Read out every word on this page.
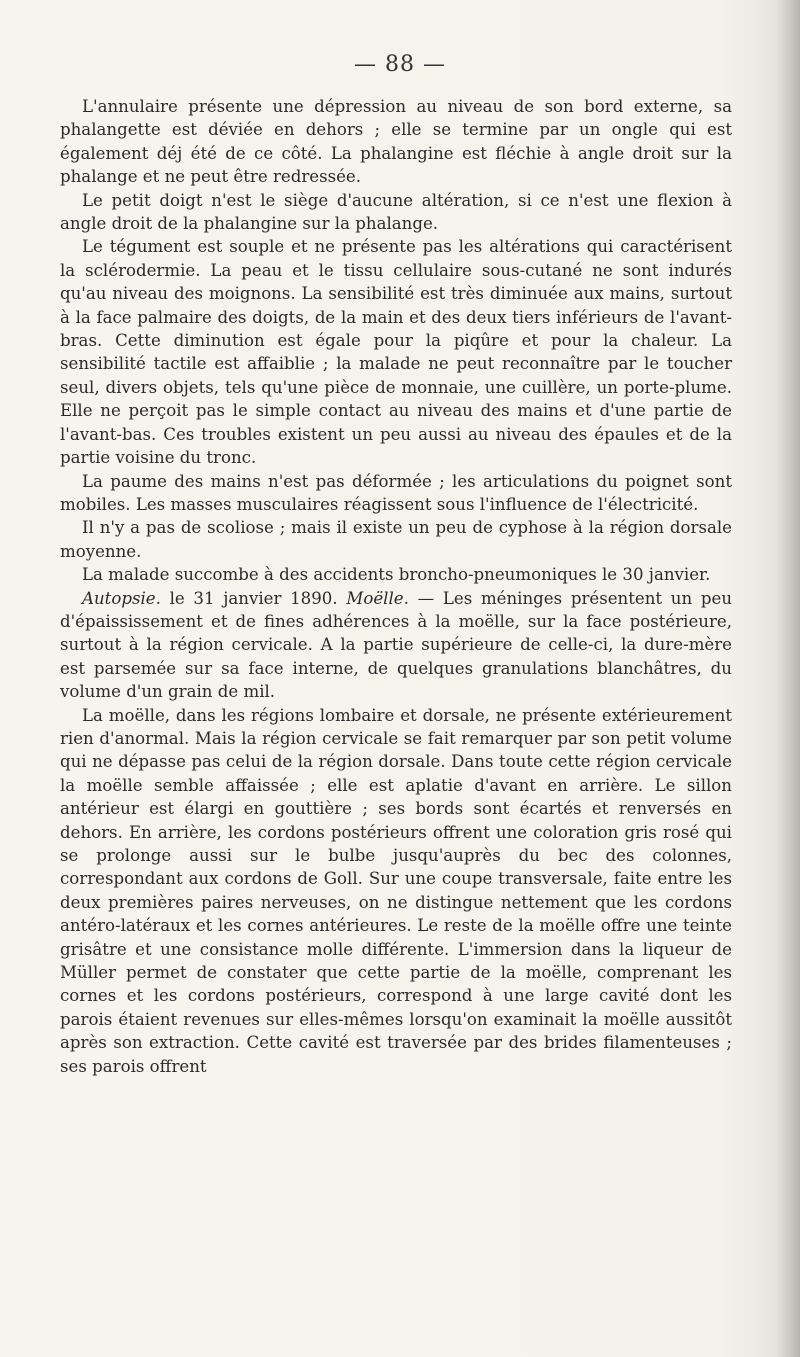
— 88 —

L'annulaire présente une dépression au niveau de son bord externe, sa phalangette est déviée en dehors ; elle se termine par un ongle qui est également déj été de ce côté. La phalangine est fléchie à angle droit sur la phalange et ne peut être redressée.

Le petit doigt n'est le siège d'aucune altération, si ce n'est une flexion à angle droit de la phalangine sur la phalange.

Le tégument est souple et ne présente pas les altérations qui caractérisent la sclérodermie. La peau et le tissu cellulaire sous-cutané ne sont indurés qu'au niveau des moignons. La sensibilité est très diminuée aux mains, surtout à la face palmaire des doigts, de la main et des deux tiers inférieurs de l'avant-bras. Cette diminution est égale pour la piqûre et pour la chaleur. La sensibilité tactile est affaiblie ; la malade ne peut reconnaître par le toucher seul, divers objets, tels qu'une pièce de monnaie, une cuillère, un porte-plume. Elle ne perçoit pas le simple contact au niveau des mains et d'une partie de l'avant-bas. Ces troubles existent un peu aussi au niveau des épaules et de la partie voisine du tronc.

La paume des mains n'est pas déformée ; les articulations du poignet sont mobiles. Les masses musculaires réagissent sous l'influence de l'électricité.

Il n'y a pas de scoliose ; mais il existe un peu de cyphose à la région dorsale moyenne.

La malade succombe à des accidents broncho-pneumoniques le 30 janvier.

Autopsie. le 31 janvier 1890. Moëlle. — Les méninges présentent un peu d'épaississement et de fines adhérences à la moëlle, sur la face postérieure, surtout à la région cervicale. A la partie supérieure de celle-ci, la dure-mère est parsemée sur sa face interne, de quelques granulations blanchâtres, du volume d'un grain de mil.

La moëlle, dans les régions lombaire et dorsale, ne présente extérieurement rien d'anormal. Mais la région cervicale se fait remarquer par son petit volume qui ne dépasse pas celui de la région dorsale. Dans toute cette région cervicale la moëlle semble affaissée ; elle est aplatie d'avant en arrière. Le sillon antérieur est élargi en gouttière ; ses bords sont écartés et renversés en dehors. En arrière, les cordons postérieurs offrent une coloration gris rosé qui se prolonge aussi sur le bulbe jusqu'auprès du bec des colonnes, correspondant aux cordons de Goll. Sur une coupe transversale, faite entre les deux premières paires nerveuses, on ne distingue nettement que les cordons antéro-latéraux et les cornes antérieures. Le reste de la moëlle offre une teinte grisâtre et une consistance molle différente. L'immersion dans la liqueur de Müller permet de constater que cette partie de la moëlle, comprenant les cornes et les cordons postérieurs, correspond à une large cavité dont les parois étaient revenues sur elles-mêmes lorsqu'on examinait la moëlle aussitôt après son extraction. Cette cavité est traversée par des brides filamenteuses ; ses parois offrent
